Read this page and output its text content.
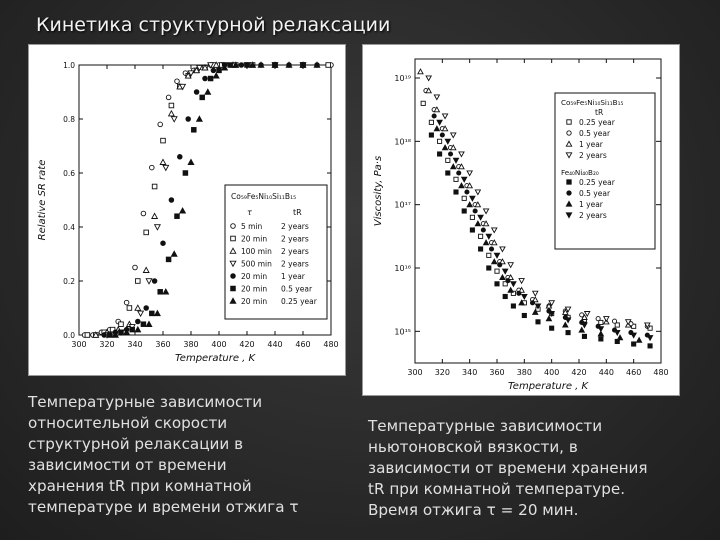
Кинетика структурной релаксации
300 320 340 360 380 400 420 440 460 480
0.0
0.2
0.4
0.6
0.8
1.0
Temperature , K
Relative SR rate	Co₅₉Fe₅Ni₁₀Si₁₁B₁₅
τ	tR
5 min 2 years
20 min 2 years
100 min 2 years
500 min 2 years
20 min 1 year
20 min 0.5 year
20 min 0.25 year
300 320 340 360 380 400 420 440 460 480
10¹⁵
10¹⁶
10¹⁷
10¹⁸
10¹⁹
Temperature , K
Viscosity, Pa·s
Co₅₉Fe₅Ni₁₀Si₁₁B₁₅
tR
0.25 year
0.5 year
1 year
2 years
Fe₄₀Ni₄₀B₂₀
0.25 year
0.5 year
1 year
2 years
Температурные зависимости
относительной скорости
структурной релаксации в
зависимости от времени
хранения tR при комнатной
температуре и времени отжига τ
Температурные зависимости
ньютоновской вязкости, в
зависимости от времени хранения
tR при комнатной температуре.
Время отжига τ = 20 мин.
